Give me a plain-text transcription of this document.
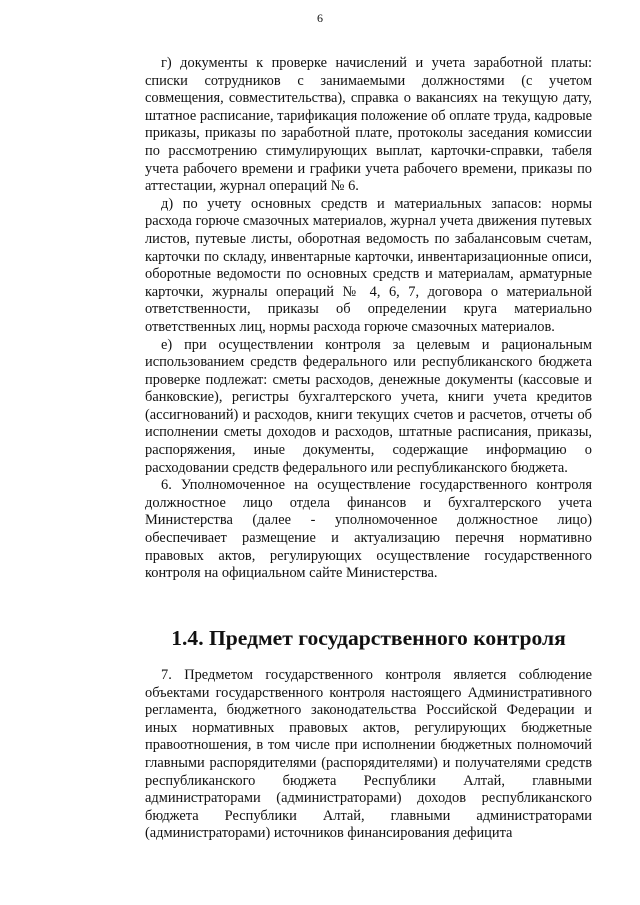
6

г) документы к проверке начислений и учета заработной платы: списки сотрудников с занимаемыми должностями (с учетом совмещения, совместительства), справка о вакансиях на текущую дату, штатное расписание, тарификация положение об оплате труда, кадровые приказы, приказы по заработной плате, протоколы заседания комиссии по рассмотрению стимулирующих выплат, карточки-справки, табеля учета рабочего времени и графики учета рабочего времени, приказы по аттестации, журнал операций № 6.

д) по учету основных средств и материальных запасов: нормы расхода горюче смазочных материалов, журнал учета движения путевых листов, путевые листы, оборотная ведомость по забалансовым счетам, карточки по складу, инвентарные карточки, инвентаризационные описи, оборотные ведомости по основных средств и материалам, арматурные карточки, журналы операций № 4, 6, 7, договора о материальной ответственности, приказы об определении круга материально ответственных лиц, нормы расхода горюче смазочных материалов.

е) при осуществлении контроля за целевым и рациональным использованием средств федерального или республиканского бюджета проверке подлежат: сметы расходов, денежные документы (кассовые и банковские), регистры бухгалтерского учета, книги учета кредитов (ассигнований) и расходов, книги текущих счетов и расчетов, отчеты об исполнении сметы доходов и расходов, штатные расписания, приказы, распоряжения, иные документы, содержащие информацию о расходовании средств федерального или республиканского бюджета.

6. Уполномоченное на осуществление государственного контроля должностное лицо отдела финансов и бухгалтерского учета Министерства (далее - уполномоченное должностное лицо) обеспечивает размещение и актуализацию перечня нормативно правовых актов, регулирующих осуществление государственного контроля на официальном сайте Министерства.

1.4. Предмет государственного контроля

7. Предметом государственного контроля является соблюдение объектами государственного контроля настоящего Административного регламента, бюджетного законодательства Российской Федерации и иных нормативных правовых актов, регулирующих бюджетные правоотношения, в том числе при исполнении бюджетных полномочий главными распорядителями (распорядителями) и получателями средств республиканского бюджета Республики Алтай, главными администраторами (администраторами) доходов республиканского бюджета Республики Алтай, главными администраторами (администраторами) источников финансирования дефицита
